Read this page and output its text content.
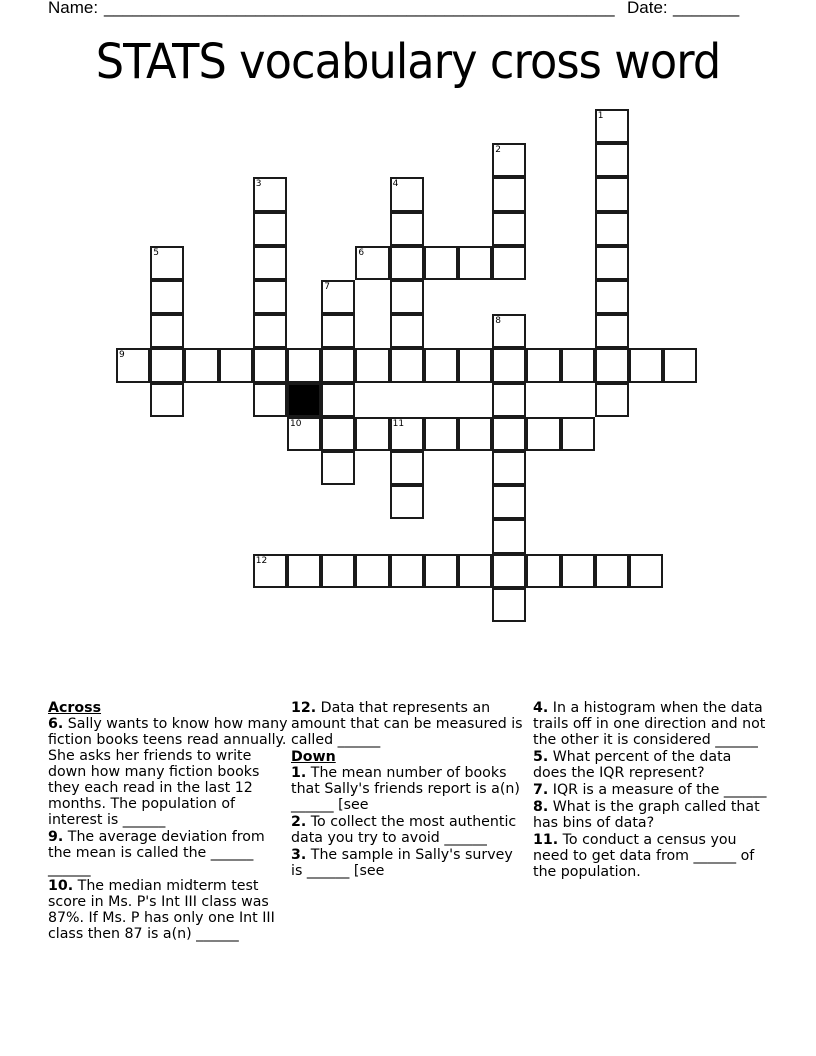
Name: ______________________________________________________ Date: _______
STATS vocabulary cross word
1
2
3	4
5	6
7
8
9
10	11
12
Across
6. Sally wants to know how many fiction books teens read annually. She asks her friends to write down how many fiction books they each read in the last 12 months. The population of interest is ______
9. The average deviation from the mean is called the ______ ______
10. The median midterm test score in Ms. P's Int III class was 87%. If Ms. P has only one Int III class then 87 is a(n) ______
12. Data that represents an amount that can be measured is called ______
Down
1. The mean number of books that Sally's friends report is a(n) ______ [see
2. To collect the most authentic data you try to avoid ______
3. The sample in Sally's survey is ______ [see
4. In a histogram when the data trails off in one direction and not the other it is considered ______
5. What percent of the data does the IQR represent?
7. IQR is a measure of the ______
8. What is the graph called that has bins of data?
11. To conduct a census you need to get data from ______ of the population.
